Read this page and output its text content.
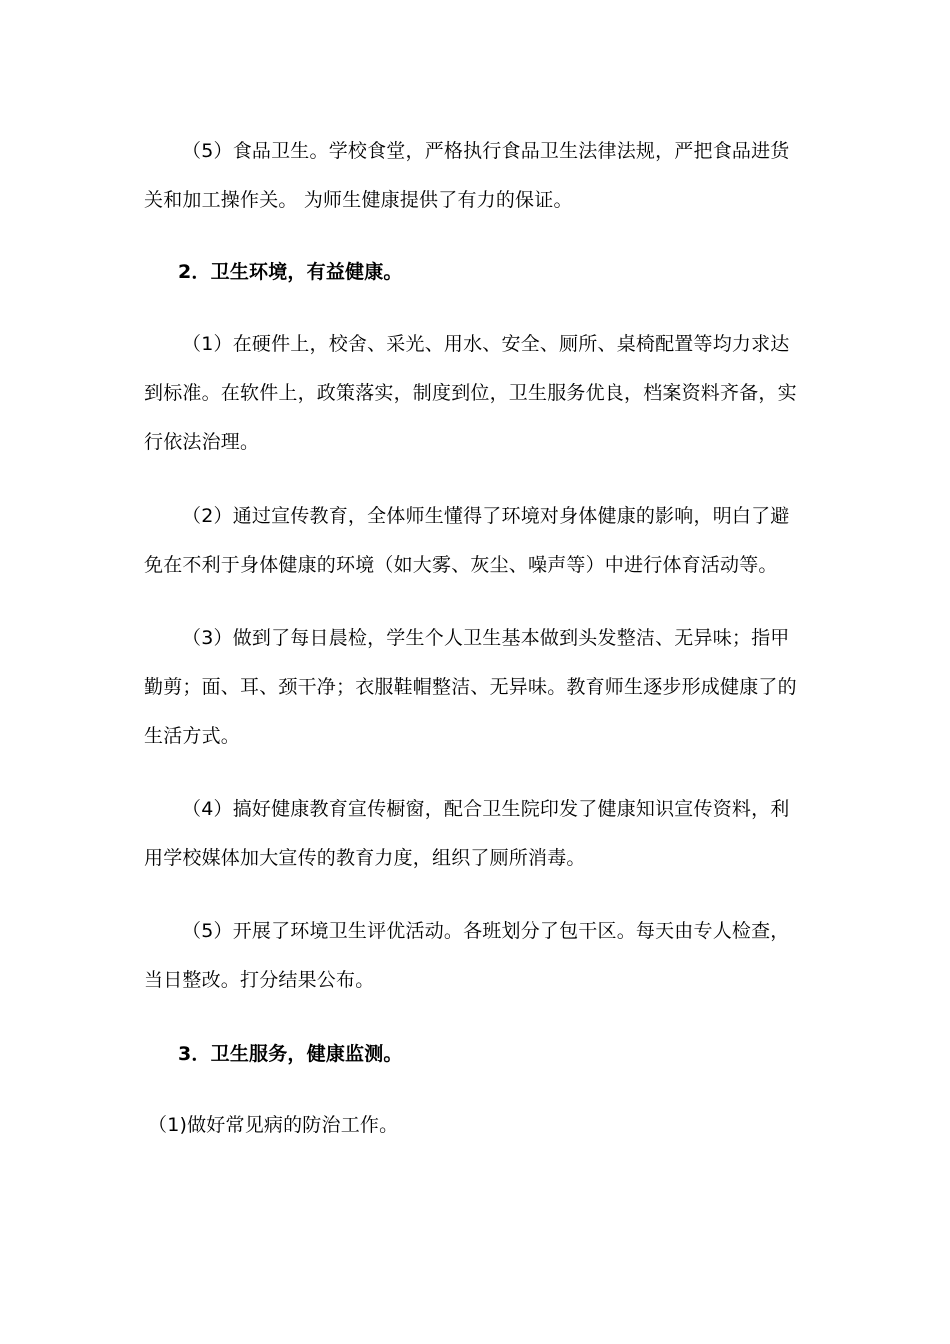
（5）食品卫生。学校食堂，严格执行食品卫生法律法规，严把食品进货关和加工操作关。 为师生健康提供了有力的保证。

2．卫生环境，有益健康。

（1）在硬件上，校舍、采光、用水、安全、厕所、桌椅配置等均力求达到标准。在软件上，政策落实，制度到位，卫生服务优良，档案资料齐备，实行依法治理。

（2）通过宣传教育，全体师生懂得了环境对身体健康的影响，明白了避免在不利于身体健康的环境（如大雾、灰尘、噪声等）中进行体育活动等。

（3）做到了每日晨检，学生个人卫生基本做到头发整洁、无异味；指甲勤剪；面、耳、颈干净；衣服鞋帽整洁、无异味。教育师生逐步形成健康了的生活方式。

（4）搞好健康教育宣传橱窗，配合卫生院印发了健康知识宣传资料，利用学校媒体加大宣传的教育力度，组织了厕所消毒。

（5）开展了环境卫生评优活动。各班划分了包干区。每天由专人检查，当日整改。打分结果公布。

3．卫生服务，健康监测。

（1)做好常见病的防治工作。
